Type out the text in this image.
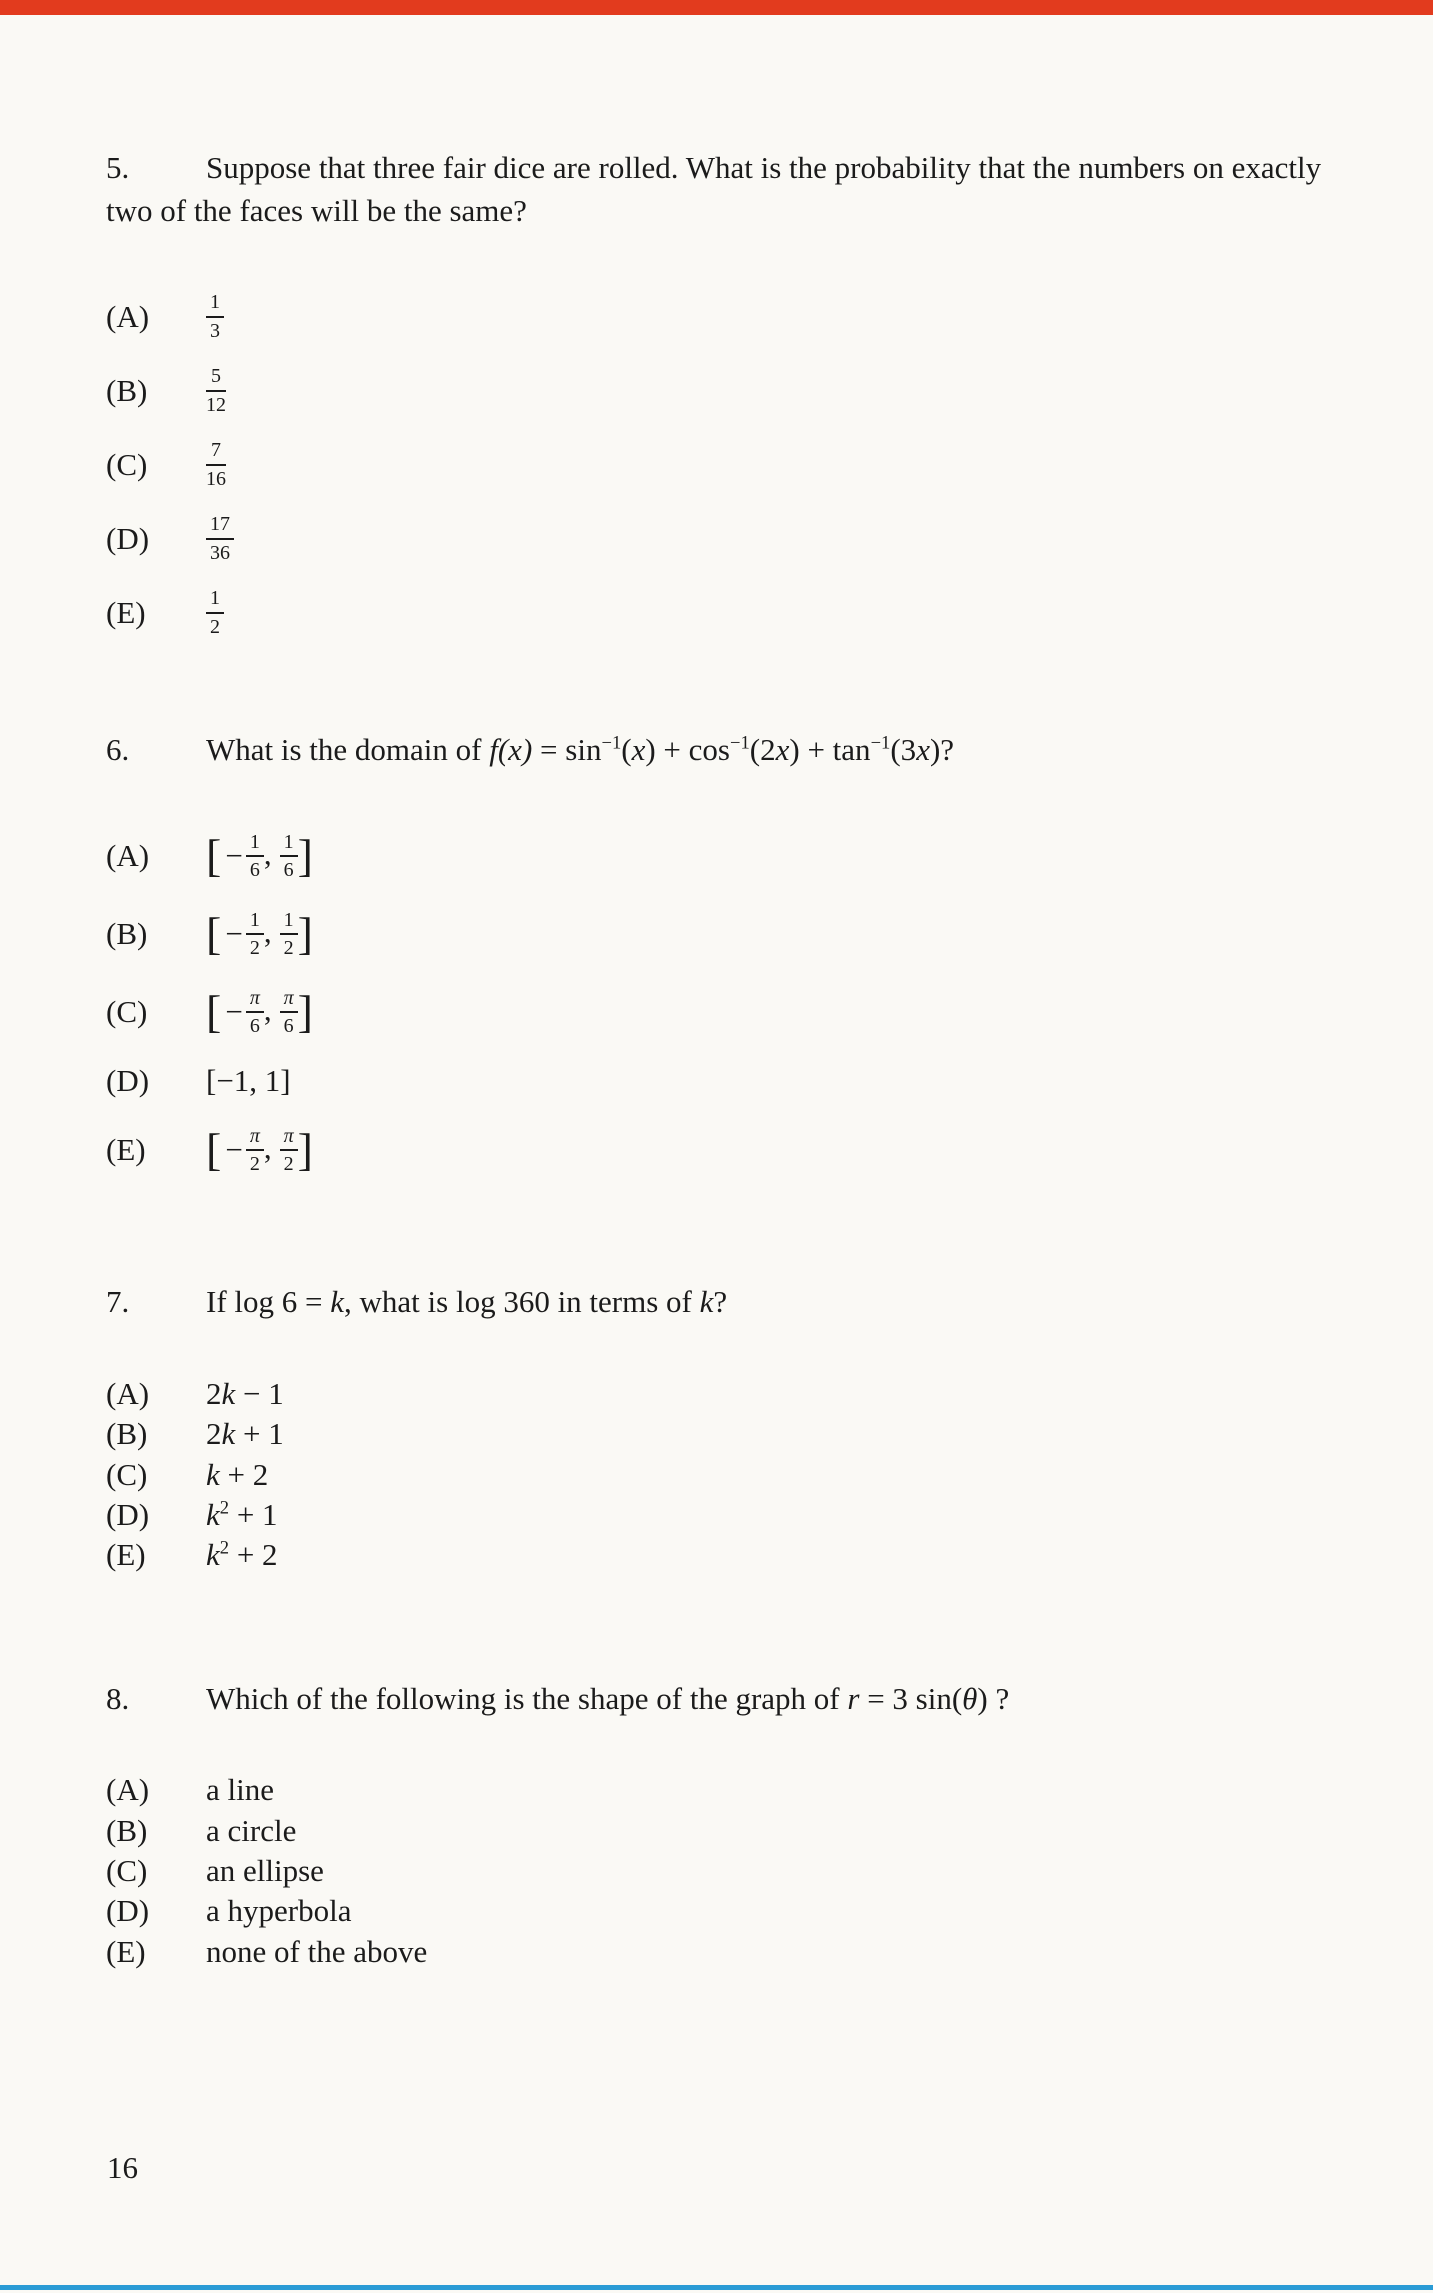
5. Suppose that three fair dice are rolled. What is the probability that the numbers on exactly two of the faces will be the same?

(A)	$\frac{1}{3}$
(B)	$\frac{5}{12}$
(C)	$\frac{7}{16}$
(D)	$\frac{17}{36}$
(E)	$\frac{1}{2}$

6. What is the domain of $f(x) = \sin^{-1}(x) + \cos^{-1}(2x) + \tan^{-1}(3x)$?

(A)	[ − $\frac{1}{6}$ , $\frac{1}{6}$ ]
(B)	[ − $\frac{1}{2}$ , $\frac{1}{2}$ ]
(C)	[ − $\frac{\pi}{6}$ , $\frac{\pi}{6}$ ]
(D)	[−1, 1]
(E)	[ − $\frac{\pi}{2}$ , $\frac{\pi}{2}$ ]

7. If log 6 = k, what is log 360 in terms of k?

(A)	2k − 1
(B)	2k + 1
(C)	k + 2
(D)	$k^2 + 1$
(E)	$k^2 + 2$

8. Which of the following is the shape of the graph of r = 3 sin(θ) ?

(A)	a line
(B)	a circle
(C)	an ellipse
(D)	a hyperbola
(E)	none of the above
16
